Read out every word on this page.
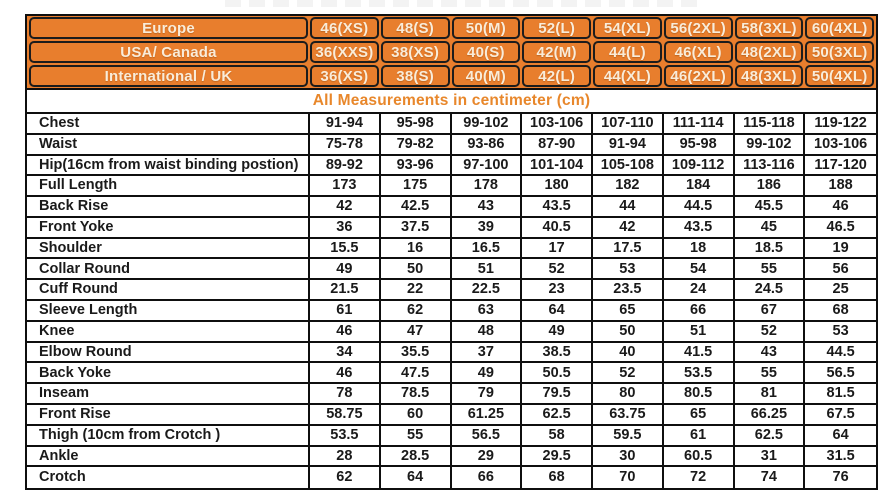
Europe	46(XS)	48(S)	50(M)	52(L)	54(XL)	56(2XL)	58(3XL)	60(4XL)
USA/ Canada	36(XXS)	38(XS)	40(S)	42(M)	44(L)	46(XL)	48(2XL)	50(3XL)
International / UK	36(XS)	38(S)	40(M)	42(L)	44(XL)	46(2XL)	48(3XL)	50(4XL)
All Measurements in centimeter (cm)
Chest	91-94	95-98	99-102	103-106	107-110	111-114	115-118	119-122
Waist	75-78	79-82	93-86	87-90	91-94	95-98	99-102	103-106
Hip(16cm from waist binding postion)	89-92	93-96	97-100	101-104	105-108	109-112	113-116	117-120
Full Length	173	175	178	180	182	184	186	188
Back Rise	42	42.5	43	43.5	44	44.5	45.5	46
Front Yoke	36	37.5	39	40.5	42	43.5	45	46.5
Shoulder	15.5	16	16.5	17	17.5	18	18.5	19
Collar Round	49	50	51	52	53	54	55	56
Cuff Round	21.5	22	22.5	23	23.5	24	24.5	25
Sleeve Length	61	62	63	64	65	66	67	68
Knee	46	47	48	49	50	51	52	53
Elbow Round	34	35.5	37	38.5	40	41.5	43	44.5
Back Yoke	46	47.5	49	50.5	52	53.5	55	56.5
Inseam	78	78.5	79	79.5	80	80.5	81	81.5
Front Rise	58.75	60	61.25	62.5	63.75	65	66.25	67.5
Thigh (10cm from Crotch )	53.5	55	56.5	58	59.5	61	62.5	64
Ankle	28	28.5	29	29.5	30	60.5	31	31.5
Crotch	62	64	66	68	70	72	74	76
